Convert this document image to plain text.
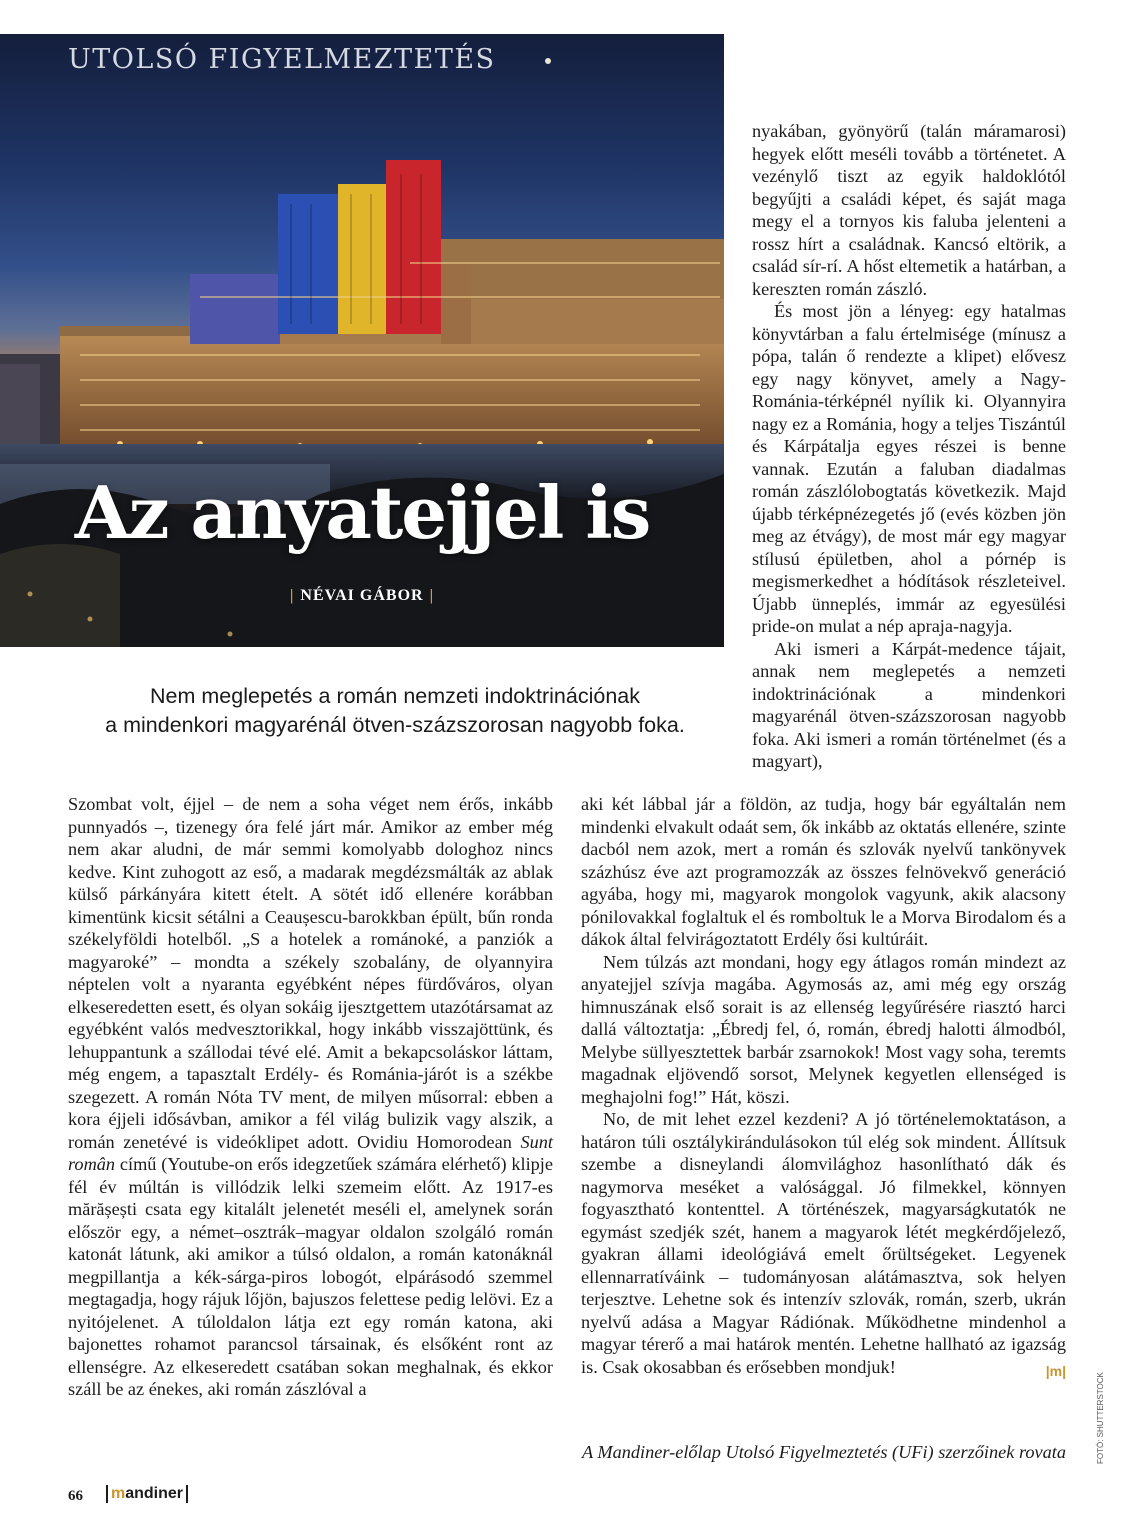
UTOLSÓ FIGYELMEZTETÉS
Az anyatejjel is
| NÉVAI GÁBOR |

Nem meglepetés a román nemzeti indoktrinációnak

a mindenkori magyarénál ötven-százszorosan nagyobb foka.

nyakában, gyönyörű (talán máramarosi) hegyek előtt meséli tovább a történetet. A vezénylő tiszt az egyik haldoklótól begyűjti a családi képet, és saját maga megy el a tornyos kis faluba jelenteni a rossz hírt a családnak. Kancsó eltörik, a család sír-rí. A hőst eltemetik a határban, a kereszten román zászló.

És most jön a lényeg: egy hatalmas könyvtárban a falu értelmisége (mínusz a pópa, talán ő rendezte a klipet) elővesz egy nagy könyvet, amely a Nagy-Románia-térképnél nyílik ki. Olyannyira nagy ez a Románia, hogy a teljes Tiszántúl és Kárpátalja egyes részei is benne vannak. Ezután a faluban diadalmas román zászlólobogtatás következik. Majd újabb térképnézegetés jő (evés közben jön meg az étvágy), de most már egy magyar stílusú épületben, ahol a pórnép is megismerkedhet a hódítások részleteivel. Újabb ünneplés, immár az egyesülési pride-on mulat a nép apraja-nagyja.

Aki ismeri a Kárpát-medence tájait, annak nem meglepetés a nemzeti indoktrinációnak a mindenkori magyarénál ötven-százszorosan nagyobb foka. Aki ismeri a román történelmet (és a magyart),

Szombat volt, éjjel – de nem a soha véget nem érős, inkább punnyadós –, tizenegy óra felé járt már. Amikor az ember még nem akar aludni, de már semmi komolyabb dologhoz nincs kedve. Kint zuhogott az eső, a madarak megdézsmálták az ablak külső párkányára kitett ételt. A sötét idő ellenére korábban kimentünk kicsit sétálni a Ceaușescu-barokkban épült, bűn ronda székelyföldi hotelből. „S a hotelek a románoké, a panziók a magyaroké” – mondta a székely szobalány, de olyannyira néptelen volt a nyaranta egyébként népes fürdőváros, olyan elkeseredetten esett, és olyan sokáig ijesztgettem utazótársamat az egyébként valós medvesztorikkal, hogy inkább visszajöttünk, és lehuppantunk a szállodai tévé elé. Amit a bekapcsoláskor láttam, még engem, a tapasztalt Erdély- és Románia-járót is a székbe szegezett. A román Nóta TV ment, de milyen műsorral: ebben a kora éjjeli idősávban, amikor a fél világ bulizik vagy alszik, a román zenetévé is videóklipet adott. Ovidiu Homorodean Sunt român című (Youtube-on erős idegzetűek számára elérhető) klipje fél év múltán is villódzik lelki szemeim előtt. Az 1917-es mărășești csata egy kitalált jelenetét meséli el, amelynek során először egy, a német–osztrák–magyar oldalon szolgáló román katonát látunk, aki amikor a túlsó oldalon, a román katonáknál megpillantja a kék-sárga-piros lobogót, elpárásodó szemmel megtagadja, hogy rájuk lőjön, bajuszos felettese pedig lelövi. Ez a nyitójelenet. A túloldalon látja ezt egy román katona, aki bajonettes rohamot parancsol társainak, és elsőként ront az ellenségre. Az elkeseredett csatában sokan meghalnak, és ekkor száll be az énekes, aki román zászlóval a

aki két lábbal jár a földön, az tudja, hogy bár egyáltalán nem mindenki elvakult odaát sem, ők inkább az oktatás ellenére, szinte dacból nem azok, mert a román és szlovák nyelvű tankönyvek százhúsz éve azt programozzák az összes felnövekvő generáció agyába, hogy mi, magyarok mongolok vagyunk, akik alacsony pónilovakkal foglaltuk el és romboltuk le a Morva Birodalom és a dákok által felvirágoztatott Erdély ősi kultúráit.

Nem túlzás azt mondani, hogy egy átlagos román mindezt az anyatejjel szívja magába. Agymosás az, ami még egy ország himnuszának első sorait is az ellenség legyűrésére riasztó harci dallá változtatja: „Ébredj fel, ó, román, ébredj halotti álmodból, Melybe süllyesztettek barbár zsarnokok! Most vagy soha, teremts magadnak eljövendő sorsot, Melynek kegyetlen ellenséged is meghajolni fog!” Hát, köszi.

No, de mit lehet ezzel kezdeni? A jó történelemoktatáson, a határon túli osztálykirándulásokon túl elég sok mindent. Állítsuk szembe a disneylandi álomvilághoz hasonlítható dák és nagymorva meséket a valósággal. Jó filmekkel, könnyen fogyasztható kontenttel. A történészek, magyarságkutatók ne egymást szedjék szét, hanem a magyarok létét megkérdőjelező, gyakran állami ideológiává emelt őrültségeket. Legyenek ellennarratíváink – tudományosan alátámasztva, sok helyen terjesztve. Lehetne sok és intenzív szlovák, román, szerb, ukrán nyelvű adása a Magyar Rádiónak. Működhetne mindenhol a magyar térerő a mai határok mentén. Lehetne hallható az igazság is. Csak okosabban és erősebben mondjuk!	|m|

A Mandiner-előlap Utolsó Figyelmeztetés (UFi) szerzőinek rovata	FOTÓ: SHUTTERSTOCK
66	mandiner
